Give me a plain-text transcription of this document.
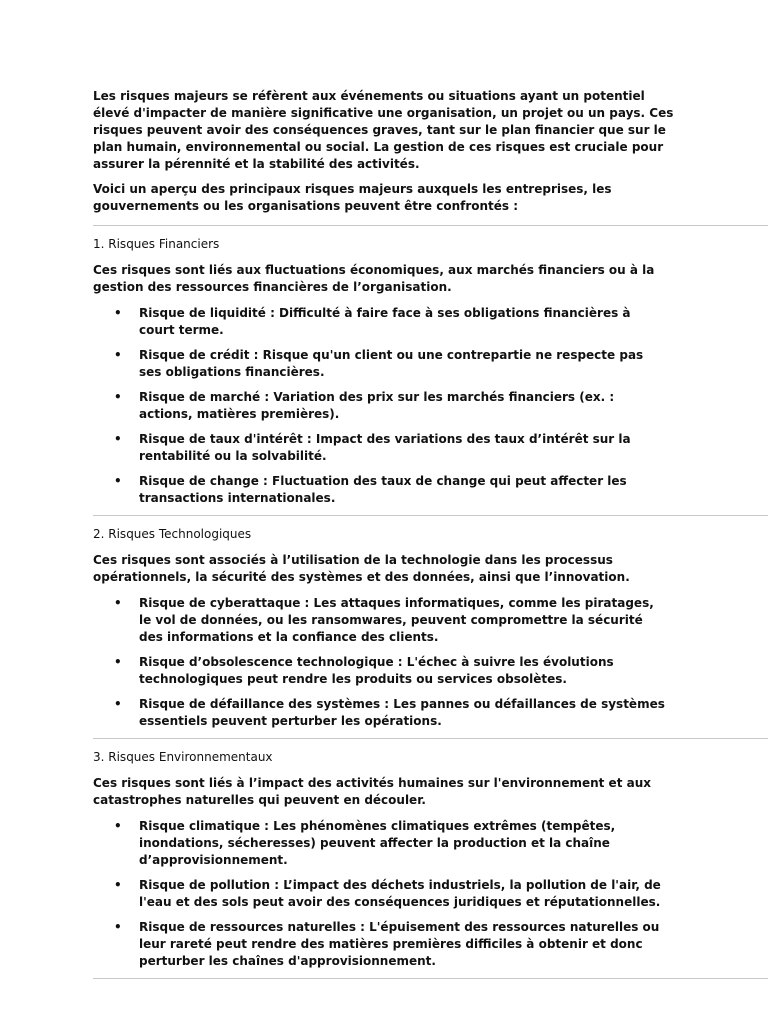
Les risques majeurs se réfèrent aux événements ou situations ayant un potentiel élevé d'impacter de manière significative une organisation, un projet ou un pays. Ces risques peuvent avoir des conséquences graves, tant sur le plan financier que sur le plan humain, environnemental ou social. La gestion de ces risques est cruciale pour assurer la pérennité et la stabilité des activités.

Voici un aperçu des principaux risques majeurs auxquels les entreprises, les gouvernements ou les organisations peuvent être confrontés :

1. Risques Financiers

Ces risques sont liés aux fluctuations économiques, aux marchés financiers ou à la gestion des ressources financières de l’organisation.

• Risque de liquidité : Difficulté à faire face à ses obligations financières à court terme.
• Risque de crédit : Risque qu'un client ou une contrepartie ne respecte pas ses obligations financières.
• Risque de marché : Variation des prix sur les marchés financiers (ex. : actions, matières premières).
• Risque de taux d'intérêt : Impact des variations des taux d’intérêt sur la rentabilité ou la solvabilité.
• Risque de change : Fluctuation des taux de change qui peut affecter les transactions internationales.

2. Risques Technologiques

Ces risques sont associés à l’utilisation de la technologie dans les processus opérationnels, la sécurité des systèmes et des données, ainsi que l’innovation.

• Risque de cyberattaque : Les attaques informatiques, comme les piratages, le vol de données, ou les ransomwares, peuvent compromettre la sécurité des informations et la confiance des clients.
• Risque d’obsolescence technologique : L'échec à suivre les évolutions technologiques peut rendre les produits ou services obsolètes.
• Risque de défaillance des systèmes : Les pannes ou défaillances de systèmes essentiels peuvent perturber les opérations.

3. Risques Environnementaux

Ces risques sont liés à l’impact des activités humaines sur l'environnement et aux catastrophes naturelles qui peuvent en découler.

• Risque climatique : Les phénomènes climatiques extrêmes (tempêtes, inondations, sécheresses) peuvent affecter la production et la chaîne d’approvisionnement.
• Risque de pollution : L’impact des déchets industriels, la pollution de l'air, de l'eau et des sols peut avoir des conséquences juridiques et réputationnelles.
• Risque de ressources naturelles : L'épuisement des ressources naturelles ou leur rareté peut rendre des matières premières difficiles à obtenir et donc perturber les chaînes d'approvisionnement.
